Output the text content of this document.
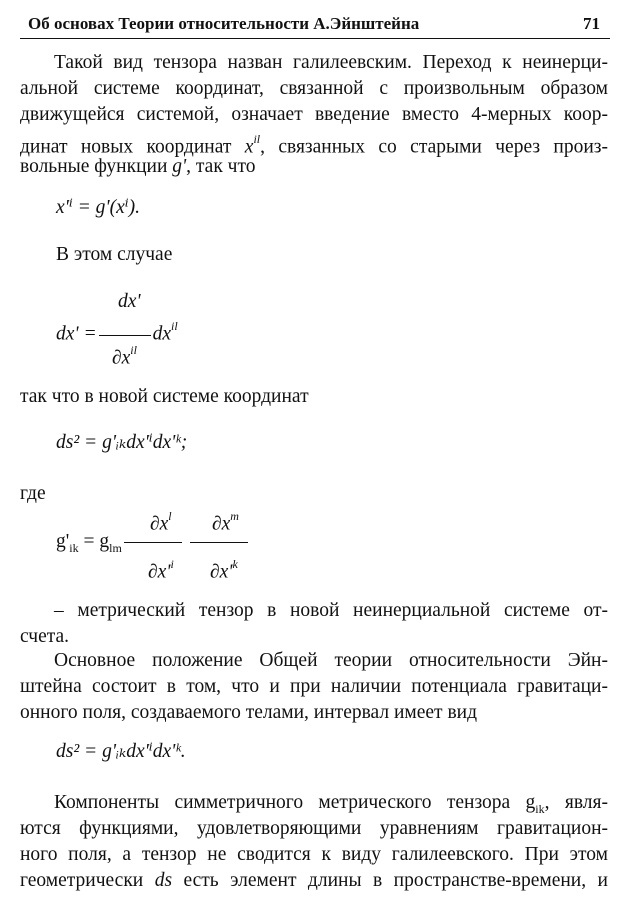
Об основах Теории относительности А.Эйнштейна	71
Такой вид тензора назван галилеевским. Переход к неинерци-
альной системе координат, связанной с произвольным образом
движущейся системой, означает введение вместо 4-мерных коор-
динат новых координат $x^{il}$, связанных со старыми через произ-
вольные функции g', так что
x'ⁱ = g'(xⁱ).
В этом случае
dx'
dx' =	$dx^{il}$
$\partial x^{il}$
так что в новой системе координат
ds² = g'ᵢₖdx'ⁱdx'ᵏ;
где
$\partial x^l$ $\partial x^m$
$g'_{ik} = g_{lm}$
$\partial x'^i$ $\partial x'^k$
– метрический тензор в новой неинерциальной системе от-
счета.
Основное положение Общей теории относительности Эйн-
штейна состоит в том, что и при наличии потенциала гравитаци-
онного поля, создаваемого телами, интервал имеет вид
ds² = g'ᵢₖdx'ⁱdx'ᵏ.
Компоненты симметричного метрического тензора $g_{ik}$, явля-
ются функциями, удовлетворяющими уравнениям гравитацион-
ного поля, а тензор не сводится к виду галилеевского. При этом
геометрически ds есть элемент длины в пространстве-времени, и
